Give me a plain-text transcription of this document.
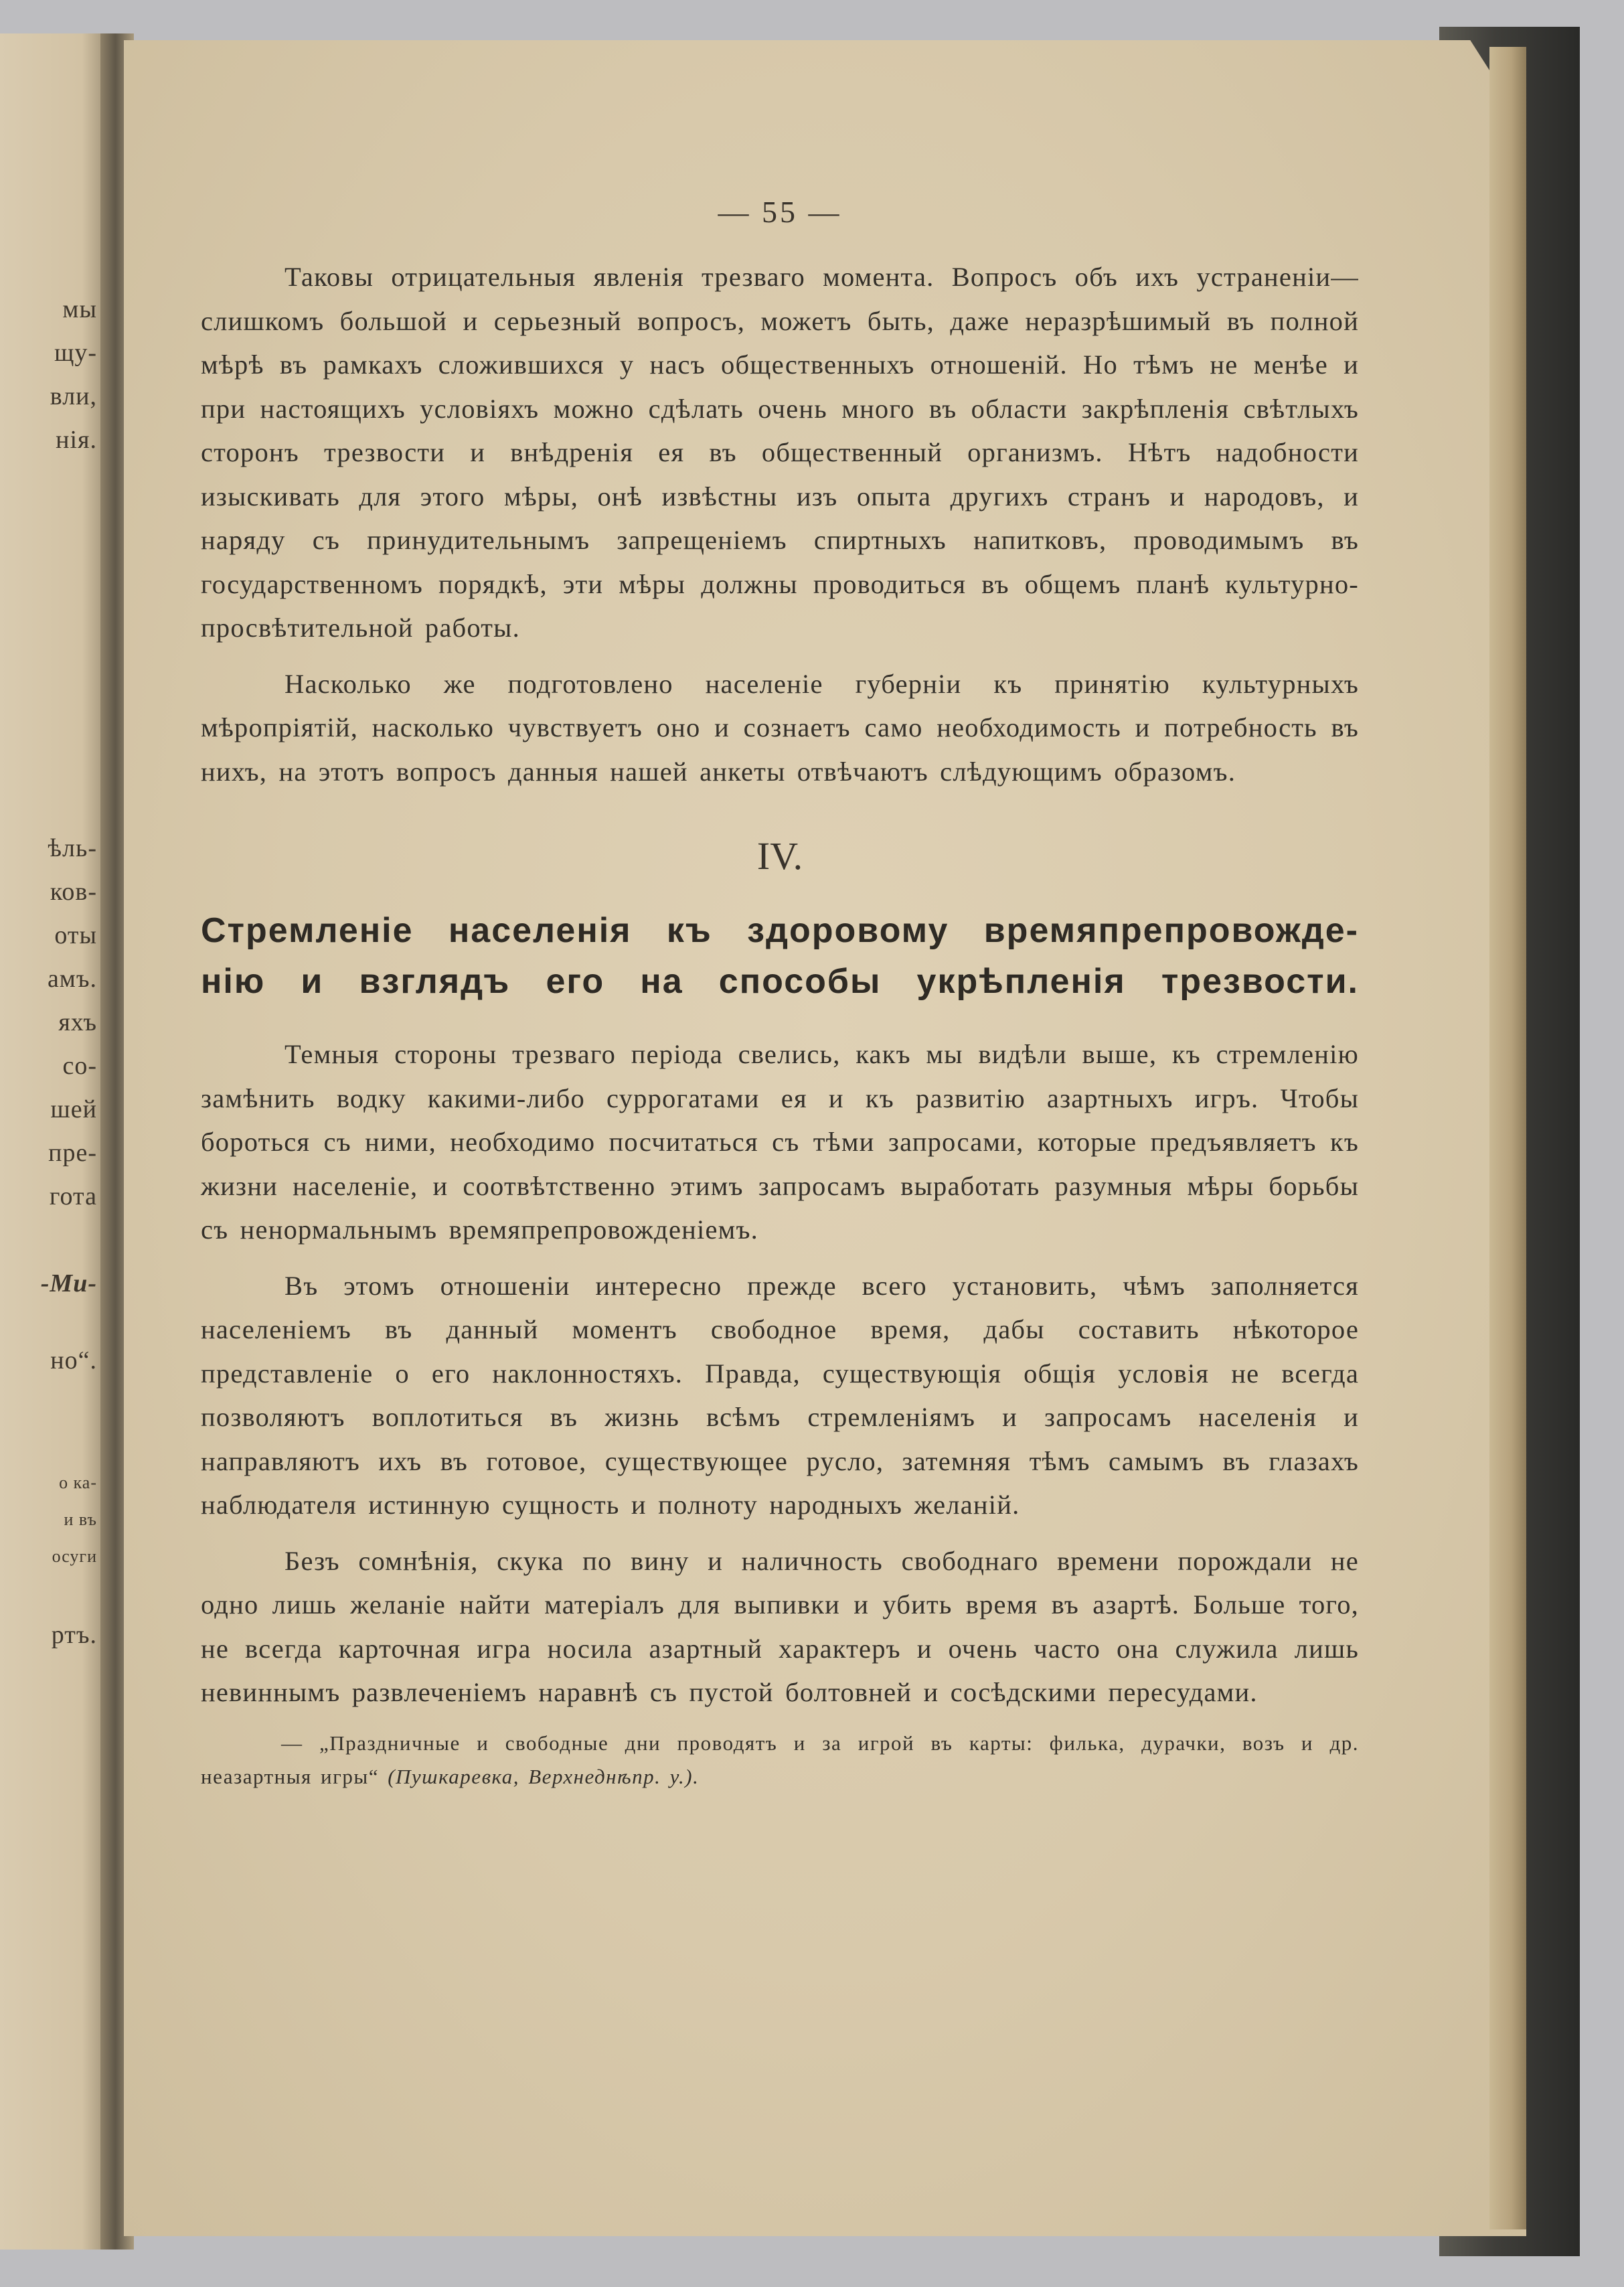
мы
щу-
вли,
нія.
ѣль-
ков-
оты
амъ.
яхъ
со-
шей
пре-
гота
-Ми-
но“.
о ка-
и въ
осуги
ртъ.
— 55 —

Таковы отрицательныя явленія трезваго момента. Вопросъ объ ихъ устраненіи—слишкомъ большой и серьезный вопросъ, можетъ быть, даже неразрѣшимый въ полной мѣрѣ въ рамкахъ сложившихся у насъ общественныхъ отношеній. Но тѣмъ не менѣе и при настоящихъ условіяхъ можно сдѣлать очень много въ области закрѣпленія свѣтлыхъ сторонъ трезвости и внѣдренія ея въ общественный организмъ. Нѣтъ надобности изыскивать для этого мѣры, онѣ извѣстны изъ опыта другихъ странъ и народовъ, и наряду съ принудительнымъ запрещеніемъ спиртныхъ напитковъ, проводимымъ въ государственномъ порядкѣ, эти мѣры должны проводиться въ общемъ планѣ культурно-просвѣтительной работы.

Насколько же подготовлено населеніе губерніи къ принятію культурныхъ мѣропріятій, насколько чувствуетъ оно и сознаетъ само необходимость и потребность въ нихъ, на этотъ вопросъ данныя нашей анкеты отвѣчаютъ слѣдующимъ образомъ.

IV.
Стремленіе населенія къ здоровому времяпрепровожде-
нію и взглядъ его на способы укрѣпленія трезвости.

Темныя стороны трезваго періода свелись, какъ мы видѣли выше, къ стремленію замѣнить водку какими-либо суррогатами ея и къ развитію азартныхъ игръ. Чтобы бороться съ ними, необходимо посчитаться съ тѣми запросами, которые предъявляетъ къ жизни населеніе, и соотвѣтственно этимъ запросамъ выработать разумныя мѣры борьбы съ ненормальнымъ времяпрепровожденіемъ.

Въ этомъ отношеніи интересно прежде всего установить, чѣмъ заполняется населеніемъ въ данный моментъ свободное время, дабы составить нѣкоторое представленіе о его наклонностяхъ. Правда, существующія общія условія не всегда позволяютъ воплотиться въ жизнь всѣмъ стремленіямъ и запросамъ населенія и направляютъ ихъ въ готовое, существующее русло, затемняя тѣмъ самымъ въ глазахъ наблюдателя истинную сущность и полноту народныхъ желаній.

Безъ сомнѣнія, скука по вину и наличность свободнаго времени порождали не одно лишь желаніе найти матеріалъ для выпивки и убить время въ азартѣ. Больше того, не всегда карточная игра носила азартный характеръ и очень часто она служила лишь невиннымъ развлеченіемъ наравнѣ съ пустой болтовней и сосѣдскими пересудами.

— „Праздничные и свободные дни проводятъ и за игрой въ карты: филька, дурачки, возъ и др. неазартныя игры“ (Пушкаревка, Верхнеднѣпр. у.).
